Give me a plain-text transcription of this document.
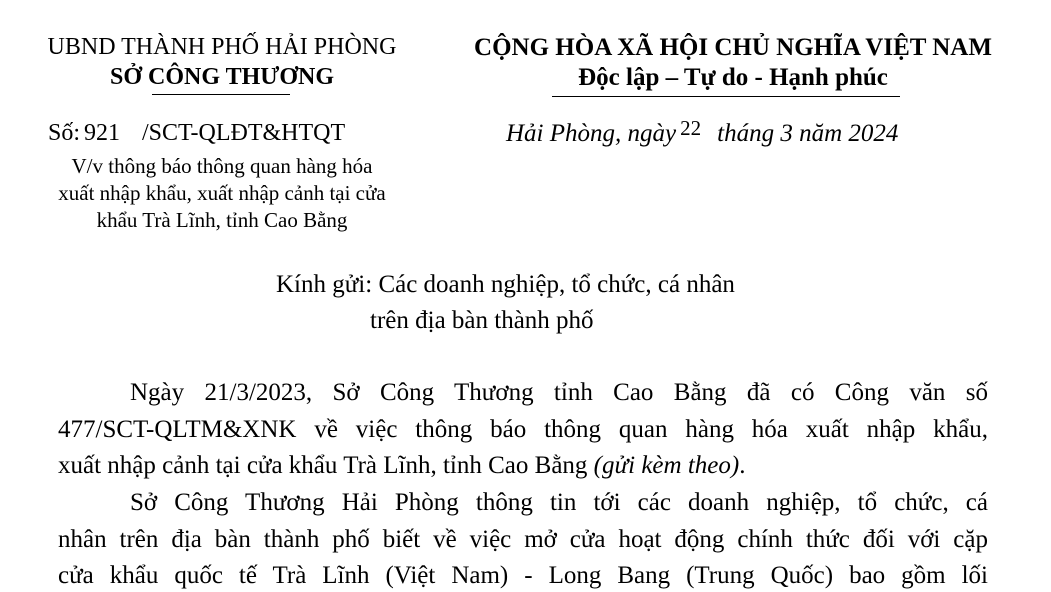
UBND THÀNH PHỐ HẢI PHÒNG
SỞ CÔNG THƯƠNG
Số: 921 /SCT-QLĐT&HTQT
V/v thông báo thông quan hàng hóa
xuất nhập khẩu, xuất nhập cảnh tại cửa
khẩu Trà Lĩnh, tỉnh Cao Bằng
CỘNG HÒA XÃ HỘI CHỦ NGHĨA VIỆT NAM
Độc lập – Tự do - Hạnh phúc
Hải Phòng, ngày $^{22}$ tháng 3 năm 2024
Kính gửi: Các doanh nghiệp, tổ chức, cá nhân
trên địa bàn thành phố
Ngày 21/3/2023, Sở Công Thương tỉnh Cao Bằng đã có Công văn số
477/SCT-QLTM&XNK về việc thông báo thông quan hàng hóa xuất nhập khẩu,
xuất nhập cảnh tại cửa khẩu Trà Lĩnh, tỉnh Cao Bằng (gửi kèm theo).
Sở Công Thương Hải Phòng thông tin tới các doanh nghiệp, tổ chức, cá
nhân trên địa bàn thành phố biết về việc mở cửa hoạt động chính thức đối với cặp
cửa khẩu quốc tế Trà Lĩnh (Việt Nam) - Long Bang (Trung Quốc) bao gồm lối
